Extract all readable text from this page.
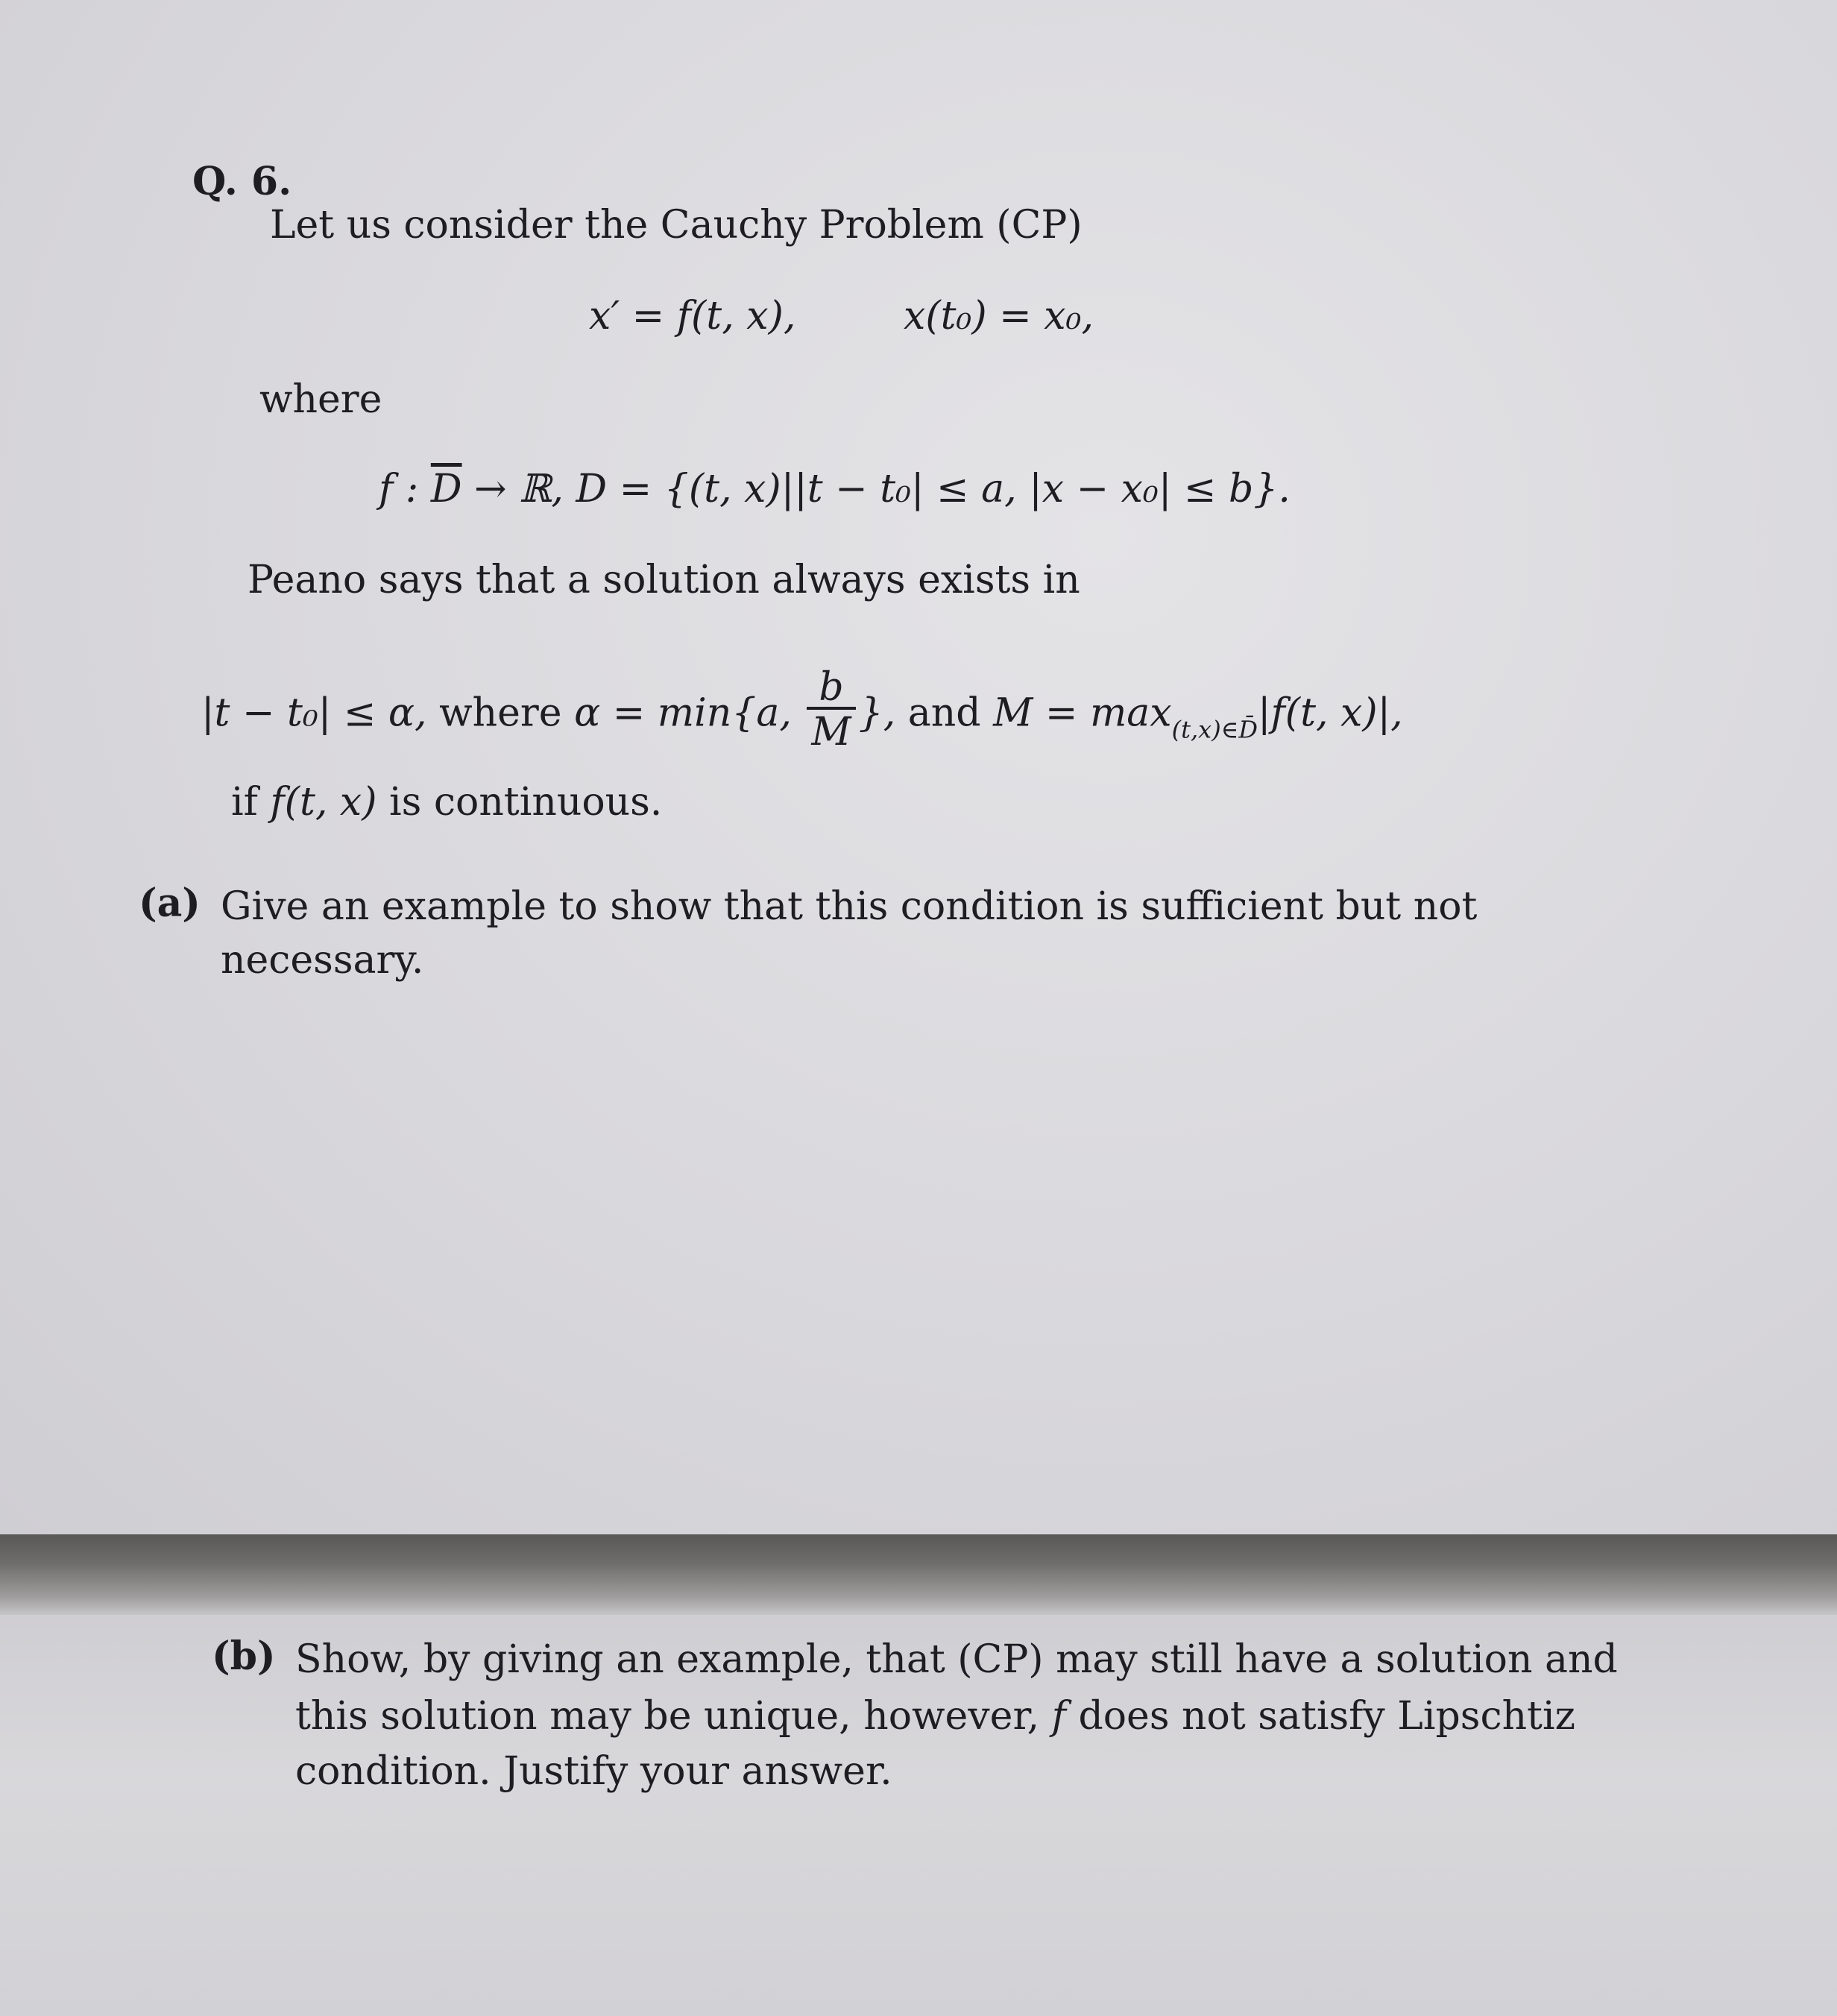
Q. 6.
Let us consider the Cauchy Problem (CP)
x′ = f(t, x),	x(t₀) = x₀,
where
f : $\overline{D}$ → ℝ, D = {(t, x)||t − t₀| ≤ a, |x − x₀| ≤ b}.
Peano says that a solution always exists in
|t − t₀| ≤ α, where α = min{a, $\frac{b}{M}$ }, and $M = \max_{(t,x)\in D̄}|f(t$, x)|,
if f(t, x) is continuous.
(a) Give an example to show that this condition is sufficient but not
necessary.
(b) Show, by giving an example, that (CP) may still have a solution and
this solution may be unique, however, f does not satisfy Lipschtiz
condition. Justify your answer.
